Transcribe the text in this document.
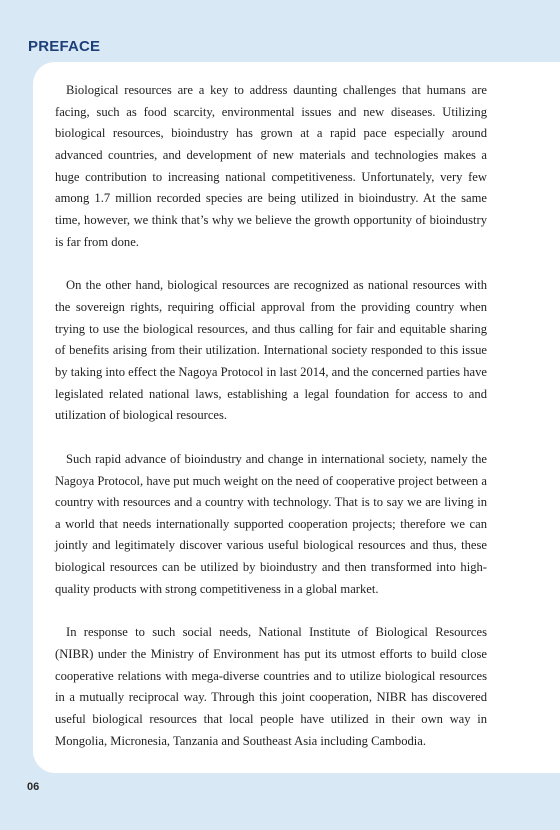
PREFACE

Biological resources are a key to address daunting challenges that humans are facing, such as food scarcity, environmental issues and new diseases. Utilizing biological resources, bioindustry has grown at a rapid pace especially around advanced countries, and development of new materials and technologies makes a huge contribution to increasing national competitiveness. Unfortunately, very few among 1.7 million recorded species are being utilized in bioindustry. At the same time, however, we think that’s why we believe the growth opportunity of bioindustry is far from done.

On the other hand, biological resources are recognized as national resources with the sovereign rights, requiring official approval from the providing country when trying to use the biological resources, and thus calling for fair and equitable sharing of benefits arising from their utilization. International society responded to this issue by taking into effect the Nagoya Protocol in last 2014, and the concerned parties have legislated related national laws, establishing a legal foundation for access to and utilization of biological resources.

Such rapid advance of bioindustry and change in international society, namely the Nagoya Protocol, have put much weight on the need of cooperative project between a country with resources and a country with technology. That is to say we are living in a world that needs internationally supported cooperation projects; therefore we can jointly and legitimately discover various useful biological resources and thus, these biological resources can be utilized by bioindustry and then transformed into high-quality products with strong competitiveness in a global market.

In response to such social needs, National Institute of Biological Resources (NIBR) under the Ministry of Environment has put its utmost efforts to build close cooperative relations with mega-diverse countries and to utilize biological resources in a mutually reciprocal way. Through this joint cooperation, NIBR has discovered useful biological resources that local people have utilized in their own way in Mongolia, Micronesia, Tanzania and Southeast Asia including Cambodia.

06
